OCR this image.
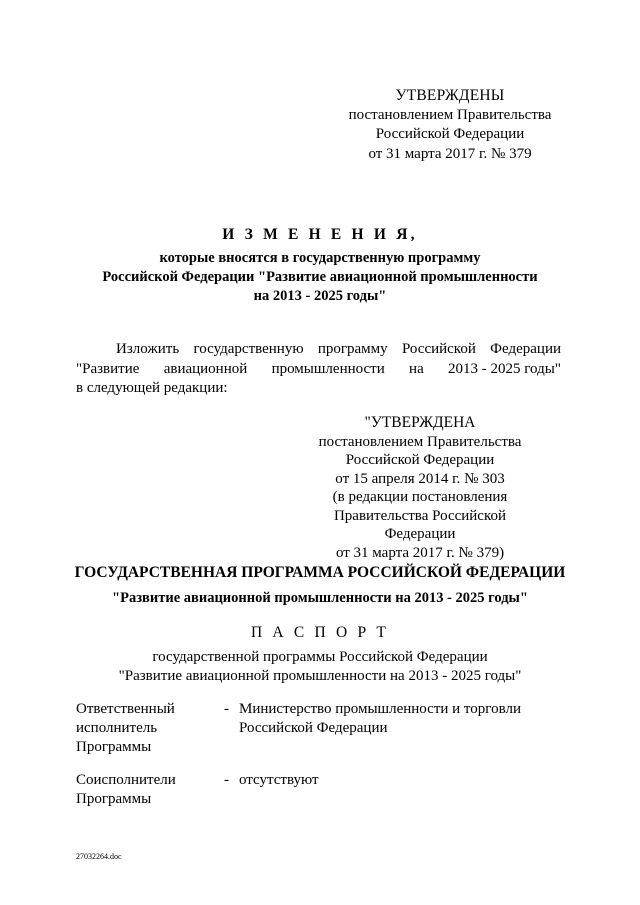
УТВЕРЖДЕНЫ
постановлением Правительства
Российской Федерации
от 31 марта 2017 г. № 379
И З М Е Н Е Н И Я,
которые вносятся в государственную программу
Российской Федерации "Развитие авиационной промышленности
на 2013 - 2025 годы"
Изложить государственную программу Российской Федерации
"Развитие авиационной промышленности на 2013 - 2025 годы"
в следующей редакции:
"УТВЕРЖДЕНА
постановлением Правительства
Российской Федерации
от 15 апреля 2014 г. № 303
(в редакции постановления
Правительства Российской Федерации
от 31 марта 2017 г. № 379)
ГОСУДАРСТВЕННАЯ ПРОГРАММА РОССИЙСКОЙ ФЕДЕРАЦИИ
"Развитие авиационной промышленности на 2013 - 2025 годы"
П А С П О Р Т
государственной программы Российской Федерации
"Развитие авиационной промышленности на 2013 - 2025 годы"
Ответственный
исполнитель
Программы
- Министерство промышленности и торговли
Российской Федерации
Соисполнители
Программы
- отсутствуют
27032264.doc
